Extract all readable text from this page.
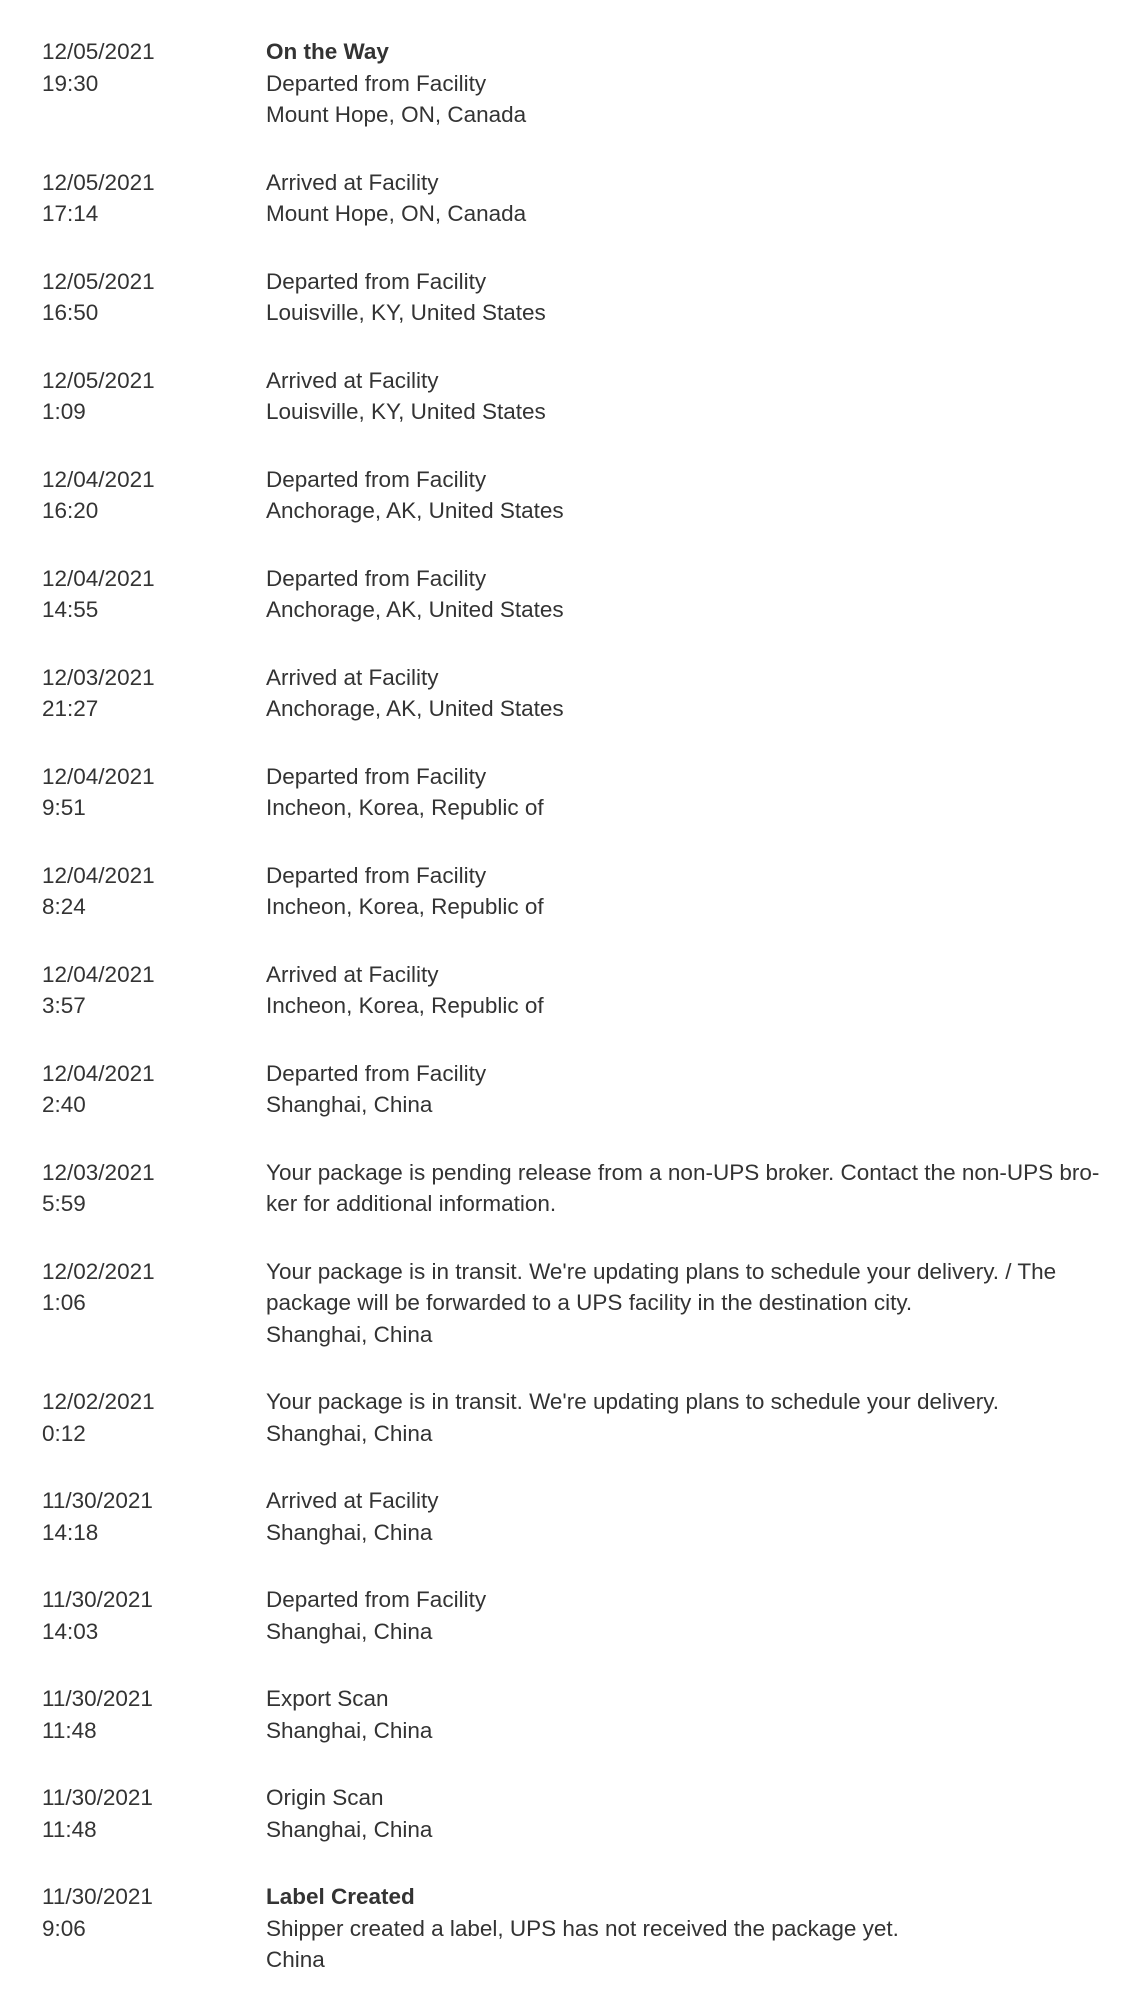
12/05/2021
19:30
On the Way
Departed from Facility
Mount Hope, ON, Canada
12/05/2021
17:14
Arrived at Facility
Mount Hope, ON, Canada
12/05/2021
16:50
Departed from Facility
Louisville, KY, United States
12/05/2021
1:09
Arrived at Facility
Louisville, KY, United States
12/04/2021
16:20
Departed from Facility
Anchorage, AK, United States
12/04/2021
14:55
Departed from Facility
Anchorage, AK, United States
12/03/2021
21:27
Arrived at Facility
Anchorage, AK, United States
12/04/2021
9:51
Departed from Facility
Incheon, Korea, Republic of
12/04/2021
8:24
Departed from Facility
Incheon, Korea, Republic of
12/04/2021
3:57
Arrived at Facility
Incheon, Korea, Republic of
12/04/2021
2:40
Departed from Facility
Shanghai, China
12/03/2021
5:59
Your package is pending release from a non-UPS broker. Contact the non-UPS bro-
ker for additional information.
12/02/2021
1:06
Your package is in transit. We're updating plans to schedule your delivery. / The
package will be forwarded to a UPS facility in the destination city.
Shanghai, China
12/02/2021
0:12
Your package is in transit. We're updating plans to schedule your delivery.
Shanghai, China
11/30/2021
14:18
Arrived at Facility
Shanghai, China
11/30/2021
14:03
Departed from Facility
Shanghai, China
11/30/2021
11:48
Export Scan
Shanghai, China
11/30/2021
11:48
Origin Scan
Shanghai, China
11/30/2021
9:06
Label Created
Shipper created a label, UPS has not received the package yet.
China
